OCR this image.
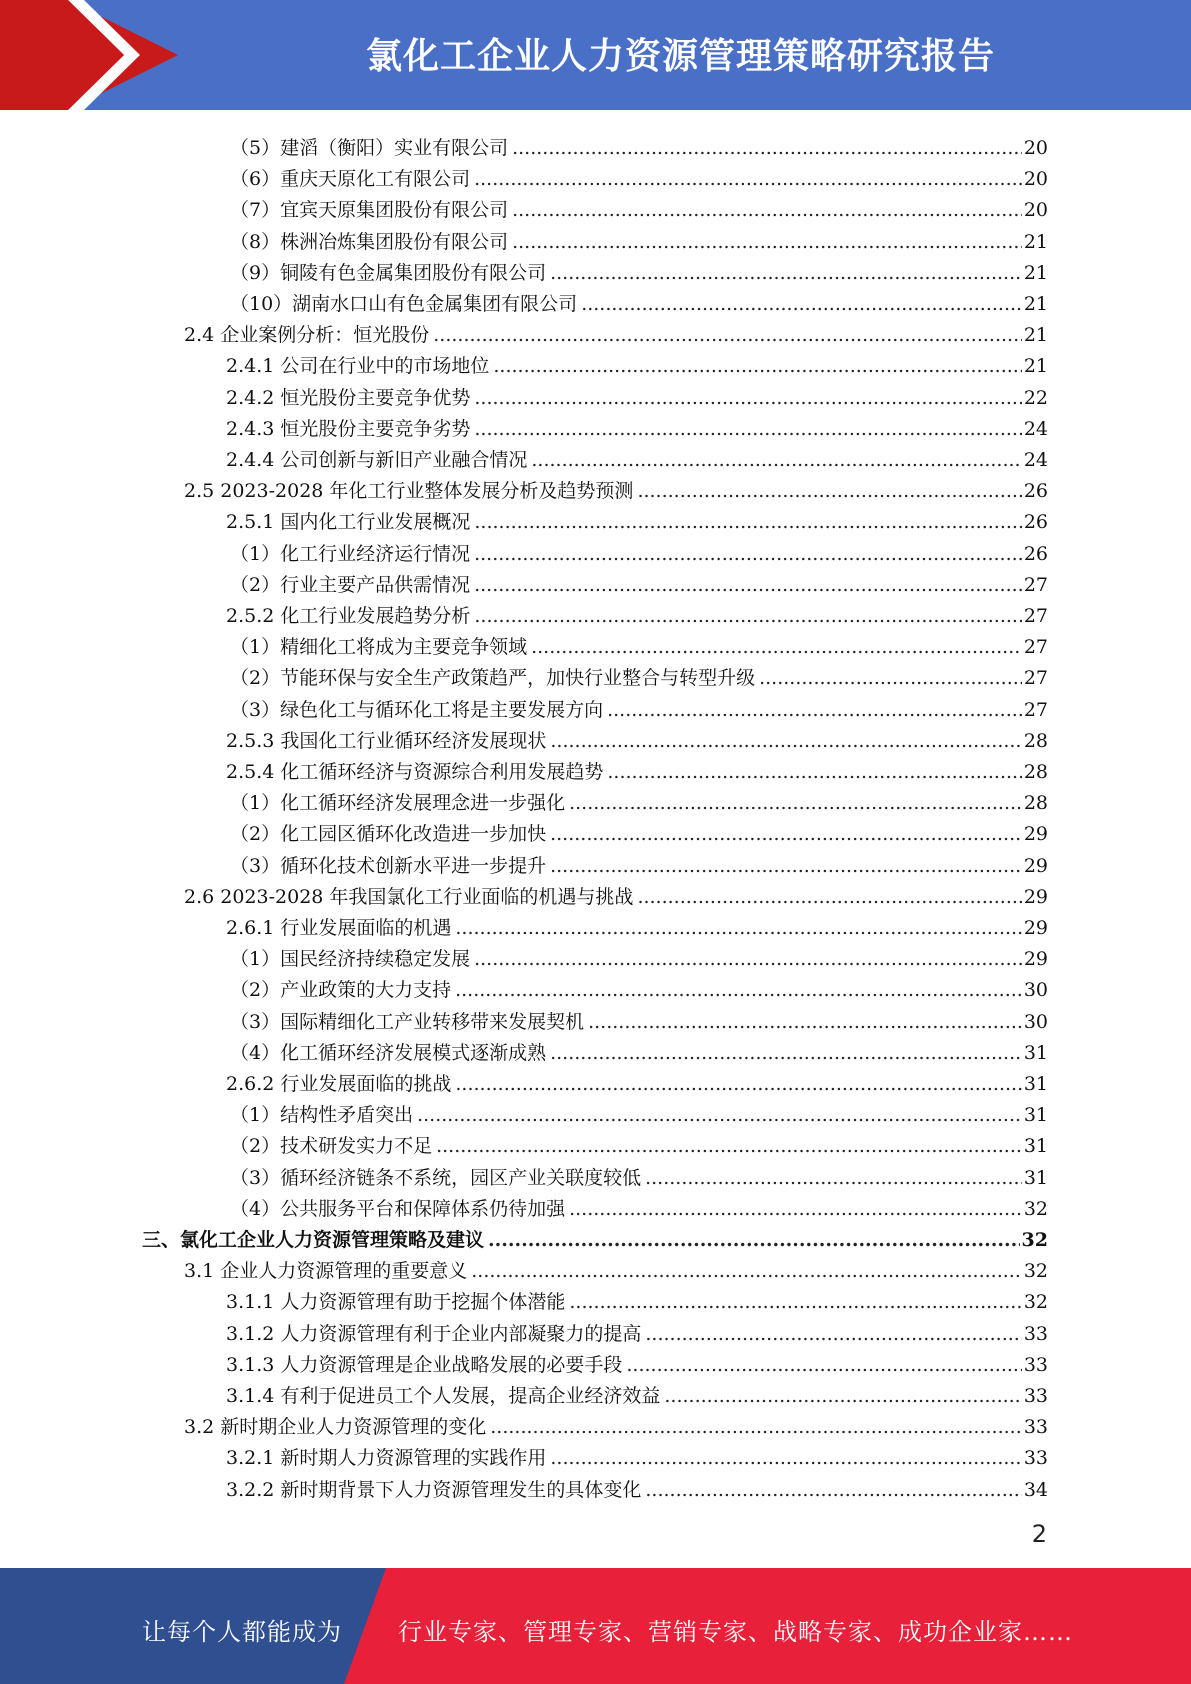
氯化工企业人力资源管理策略研究报告
（5）建滔（衡阳）实业有限公司 .....	20
（6）重庆天原化工有限公司 .....	20
（7）宜宾天原集团股份有限公司 .....	20
（8）株洲冶炼集团股份有限公司 .....	21
（9）铜陵有色金属集团股份有限公司 .....	21
（10）湖南水口山有色金属集团有限公司 .....	21
2.4 企业案例分析：恒光股份 .....	21
2.4.1 公司在行业中的市场地位 .....	21
2.4.2 恒光股份主要竞争优势 .....	22
2.4.3 恒光股份主要竞争劣势 .....	24
2.4.4 公司创新与新旧产业融合情况 .....	24
2.5 2023-2028 年化工行业整体发展分析及趋势预测 .....	26
2.5.1 国内化工行业发展概况 .....	26
（1）化工行业经济运行情况 .....	26
（2）行业主要产品供需情况 .....	27
2.5.2 化工行业发展趋势分析 .....	27
（1）精细化工将成为主要竞争领域 .....	27
（2）节能环保与安全生产政策趋严，加快行业整合与转型升级 .....	27
（3）绿色化工与循环化工将是主要发展方向 .....	27
2.5.3 我国化工行业循环经济发展现状 .....	28
2.5.4 化工循环经济与资源综合利用发展趋势 .....	28
（1）化工循环经济发展理念进一步强化 .....	28
（2）化工园区循环化改造进一步加快 .....	29
（3）循环化技术创新水平进一步提升 .....	29
2.6 2023-2028 年我国氯化工行业面临的机遇与挑战 .....	29
2.6.1 行业发展面临的机遇 .....	29
（1）国民经济持续稳定发展 .....	29
（2）产业政策的大力支持 .....	30
（3）国际精细化工产业转移带来发展契机 .....	30
（4）化工循环经济发展模式逐渐成熟 .....	31
2.6.2 行业发展面临的挑战 .....	31
（1）结构性矛盾突出 .....	31
（2）技术研发实力不足 .....	31
（3）循环经济链条不系统，园区产业关联度较低 .....	31
（4）公共服务平台和保障体系仍待加强 .....	32
三、氯化工企业人力资源管理策略及建议 .....	32
3.1 企业人力资源管理的重要意义 .....	32
3.1.1 人力资源管理有助于挖掘个体潜能 .....	32
3.1.2 人力资源管理有利于企业内部凝聚力的提高 .....	33
3.1.3 人力资源管理是企业战略发展的必要手段 .....	33
3.1.4 有利于促进员工个人发展，提高企业经济效益 .....	33
3.2 新时期企业人力资源管理的变化 .....	33
3.2.1 新时期人力资源管理的实践作用 .....	33
3.2.2 新时期背景下人力资源管理发生的具体变化 .....	34
2
让每个人都能成为 行业专家、管理专家、营销专家、战略专家、成功企业家……
